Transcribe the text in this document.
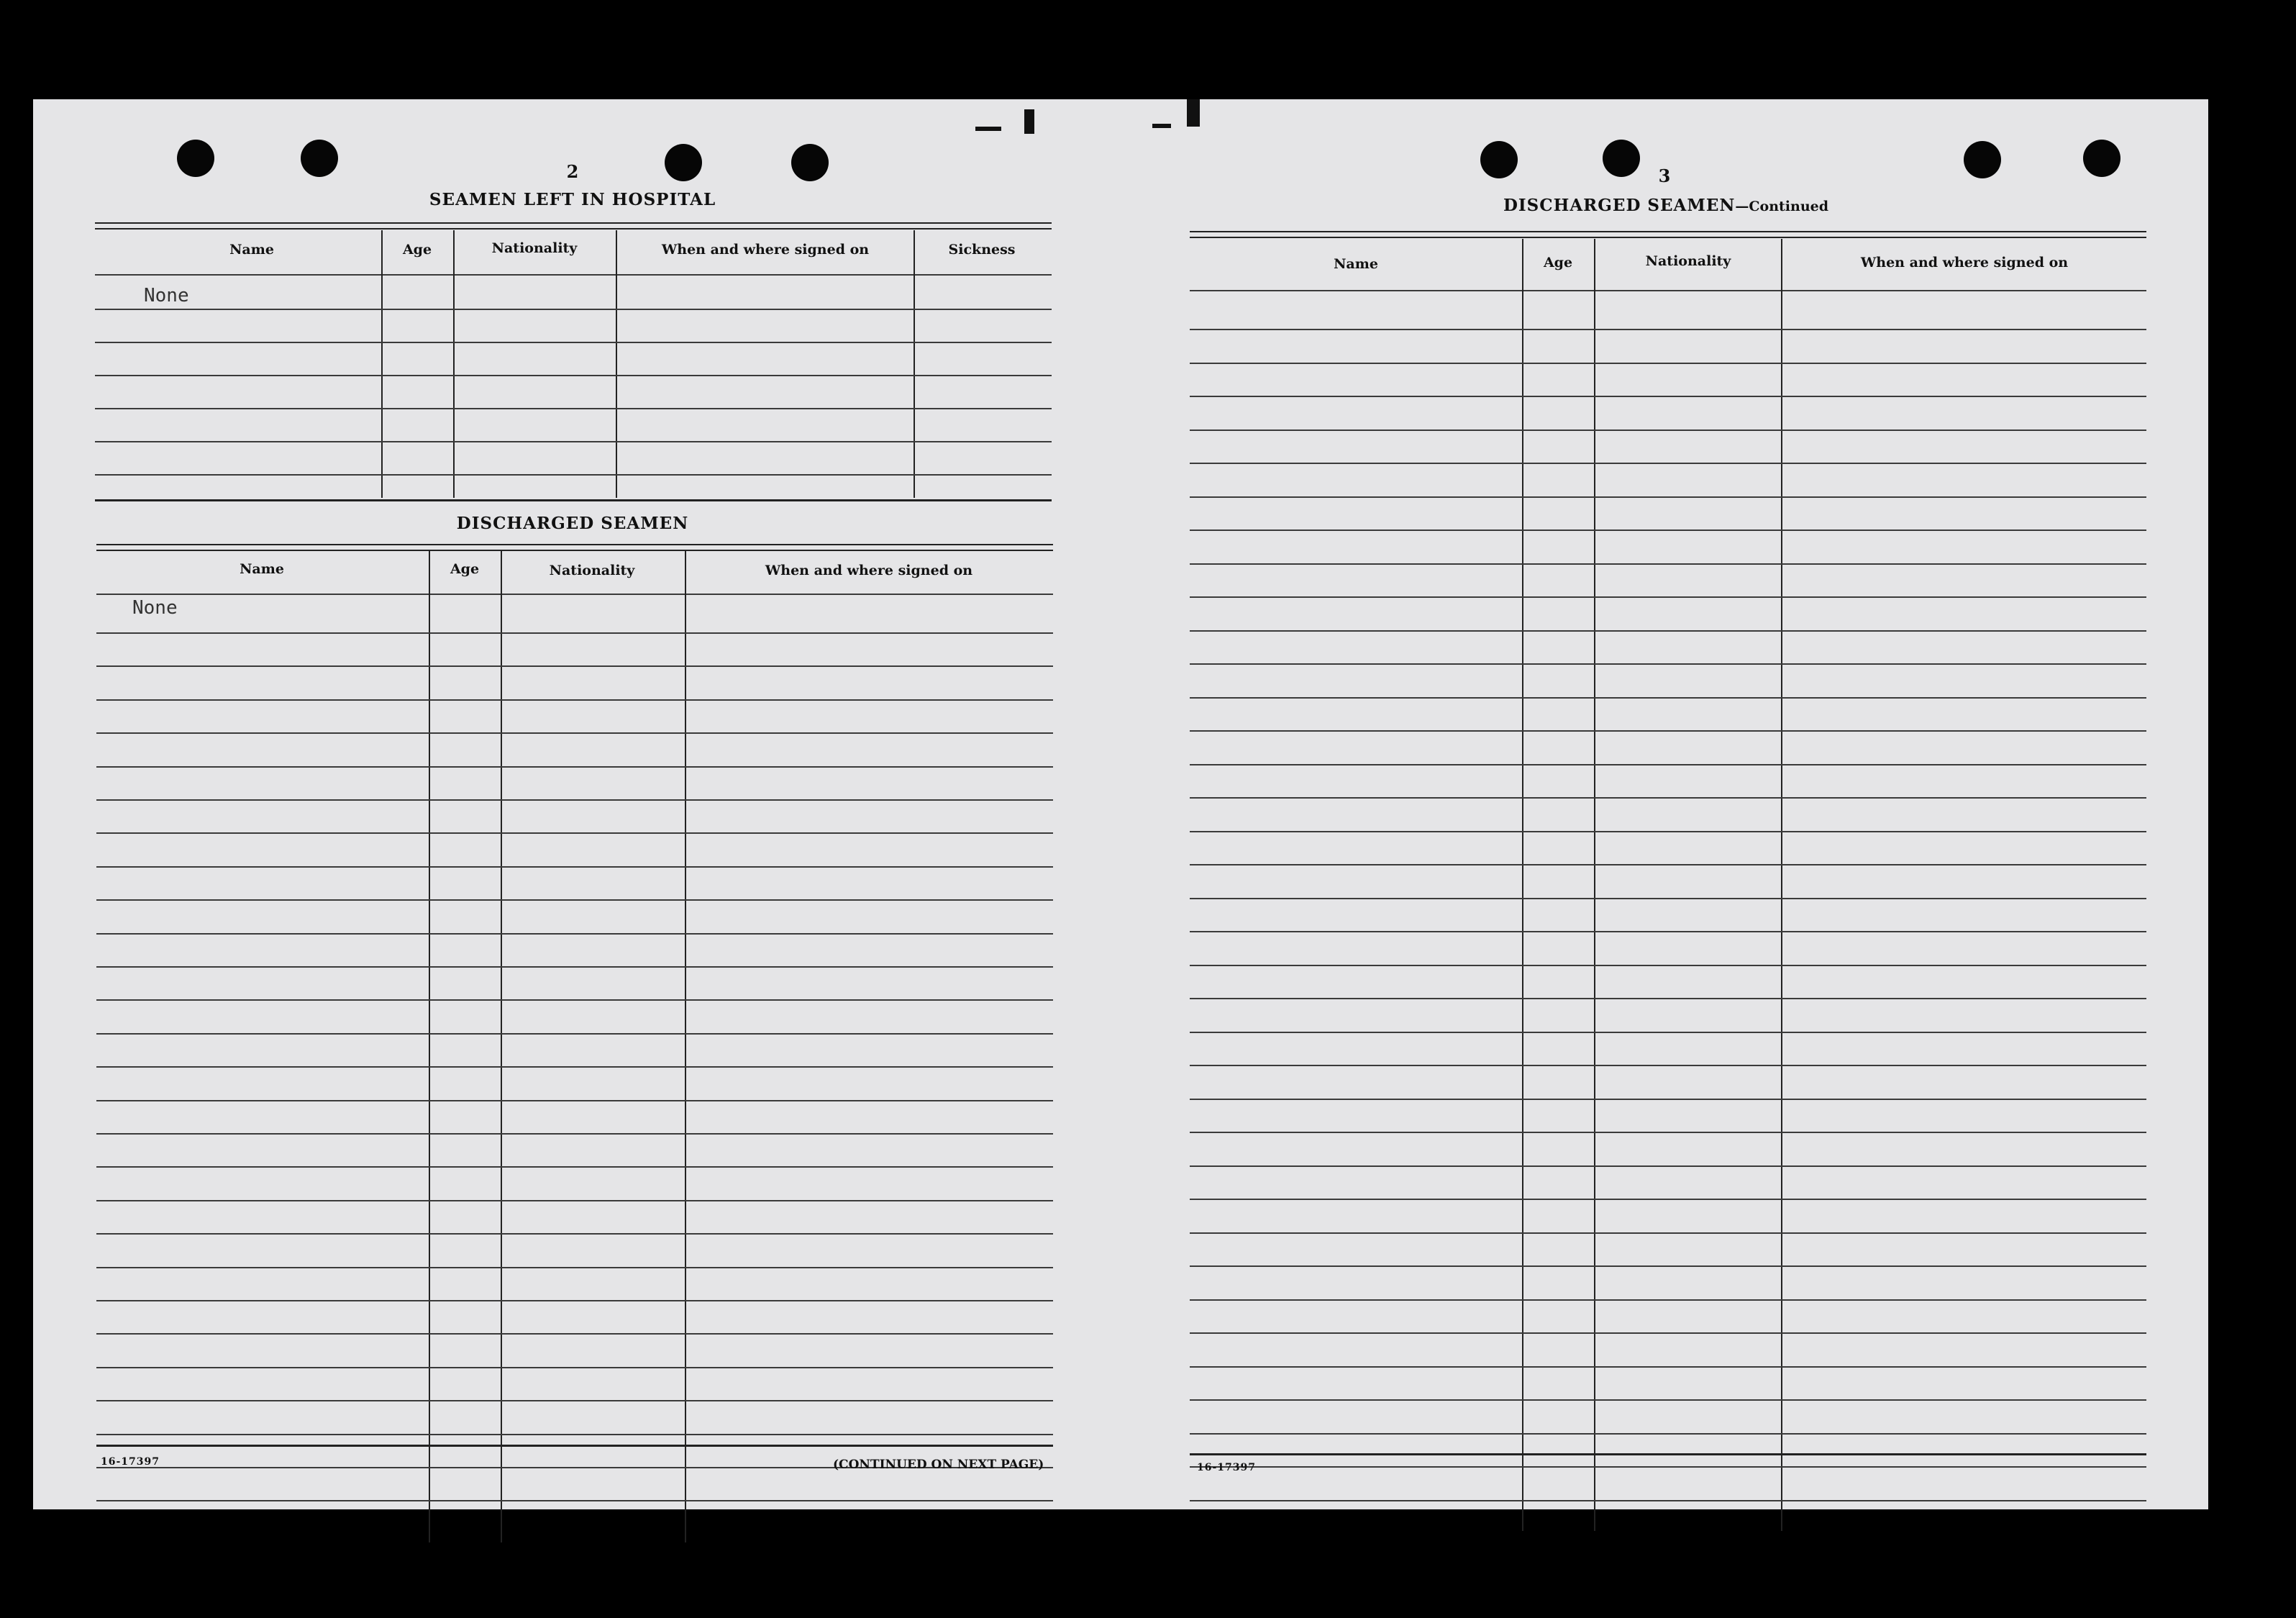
2
SEAMEN LEFT IN HOSPITAL
Name	Age	Nationality	When and where signed on	Sickness
None
DISCHARGED SEAMEN
Name	Age	Nationality	When and where signed on
None
16-17397	(CONTINUED ON NEXT PAGE)
3
DISCHARGED SEAMEN—Continued
Name	Age	Nationality	When and where signed on
16-17397
